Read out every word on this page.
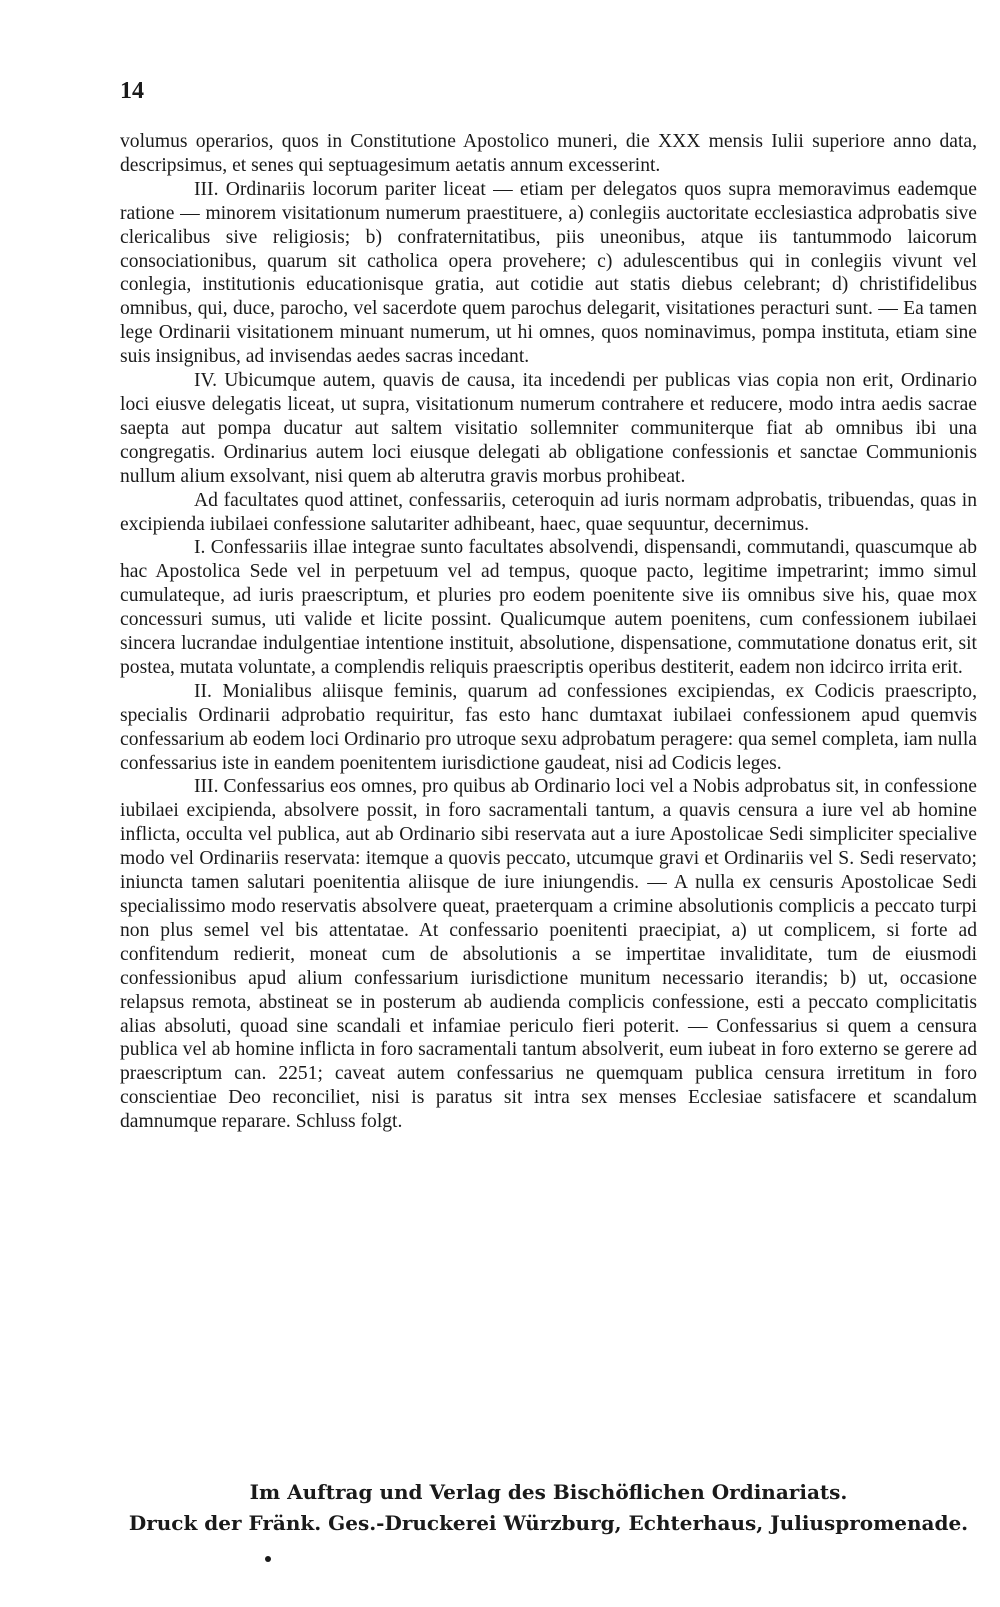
14

volumus operarios, quos in Constitutione Apostolico muneri, die XXX mensis Iulii superiore anno data, descripsimus, et senes qui septuagesimum aetatis annum excesserint.

III. Ordinariis locorum pariter liceat — etiam per delegatos quos supra memoravimus eademque ratione — minorem visitationum numerum praestituere, a) conlegiis auctoritate ecclesiastica adprobatis sive clericalibus sive religiosis; b) confraternitatibus, piis uneonibus, atque iis tantummodo laicorum consociationibus, quarum sit catholica opera provehere; c) adulescentibus qui in conlegiis vivunt vel conlegia, institutionis educationisque gratia, aut cotidie aut statis diebus celebrant; d) christifidelibus omnibus, qui, duce, parocho, vel sacerdote quem parochus delegarit, visitationes peracturi sunt. — Ea tamen lege Ordinarii visitationem minuant numerum, ut hi omnes, quos nominavimus, pompa instituta, etiam sine suis insignibus, ad invisendas aedes sacras incedant.

IV. Ubicumque autem, quavis de causa, ita incedendi per publicas vias copia non erit, Ordinario loci eiusve delegatis liceat, ut supra, visitationum numerum contrahere et reducere, modo intra aedis sacrae saepta aut pompa ducatur aut saltem visitatio sollemniter communiterque fiat ab omnibus ibi una congregatis. Ordinarius autem loci eiusque delegati ab obligatione confessionis et sanctae Communionis nullum alium exsolvant, nisi quem ab alterutra gravis morbus prohibeat.

Ad facultates quod attinet, confessariis, ceteroquin ad iuris normam adprobatis, tribuendas, quas in excipienda iubilaei confessione salutariter adhibeant, haec, quae sequuntur, decernimus.

I. Confessariis illae integrae sunto facultates absolvendi, dispensandi, commutandi, quascumque ab hac Apostolica Sede vel in perpetuum vel ad tempus, quoque pacto, legitime impetrarint; immo simul cumulateque, ad iuris praescriptum, et pluries pro eodem poenitente sive iis omnibus sive his, quae mox concessuri sumus, uti valide et licite possint. Qualicumque autem poenitens, cum confessionem iubilaei sincera lucrandae indulgentiae intentione instituit, absolutione, dispensatione, commutatione donatus erit, sit postea, mutata voluntate, a complendis reliquis praescriptis operibus destiterit, eadem non idcirco irrita erit.

II. Monialibus aliisque feminis, quarum ad confessiones excipiendas, ex Codicis praescripto, specialis Ordinarii adprobatio requiritur, fas esto hanc dumtaxat iubilaei confessionem apud quemvis confessarium ab eodem loci Ordinario pro utroque sexu adprobatum peragere: qua semel completa, iam nulla confessarius iste in eandem poenitentem iurisdictione gaudeat, nisi ad Codicis leges.

III. Confessarius eos omnes, pro quibus ab Ordinario loci vel a Nobis adprobatus sit, in confessione iubilaei excipienda, absolvere possit, in foro sacramentali tantum, a quavis censura a iure vel ab homine inflicta, occulta vel publica, aut ab Ordinario sibi reservata aut a iure Apostolicae Sedi simpliciter specialive modo vel Ordinariis reservata: itemque a quovis peccato, utcumque gravi et Ordinariis vel S. Sedi reservato; iniuncta tamen salutari poenitentia aliisque de iure iniungendis. — A nulla ex censuris Apostolicae Sedi specialissimo modo reservatis absolvere queat, praeterquam a crimine absolutionis complicis a peccato turpi non plus semel vel bis attentatae. At confessario poenitenti praecipiat, a) ut complicem, si forte ad confitendum redierit, moneat cum de absolutionis a se impertitae invaliditate, tum de eiusmodi confessionibus apud alium confessarium iurisdictione munitum necessario iterandis; b) ut, occasione relapsus remota, abstineat se in posterum ab audienda complicis confessione, esti a peccato complicitatis alias absoluti, quoad sine scandali et infamiae periculo fieri poterit. — Confessarius si quem a censura publica vel ab homine inflicta in foro sacramentali tantum absolverit, eum iubeat in foro externo se gerere ad praescriptum can. 2251; caveat autem confessarius ne quemquam publica censura irretitum in foro conscientiae Deo reconciliet, nisi is paratus sit intra sex menses Ecclesiae satisfacere et scandalum damnumque reparare. Schluss folgt.

Im Auftrag und Verlag des Bischöflichen Ordinariats.
Druck der Fränk. Ges.-Druckerei Würzburg, Echterhaus, Juliuspromenade.
